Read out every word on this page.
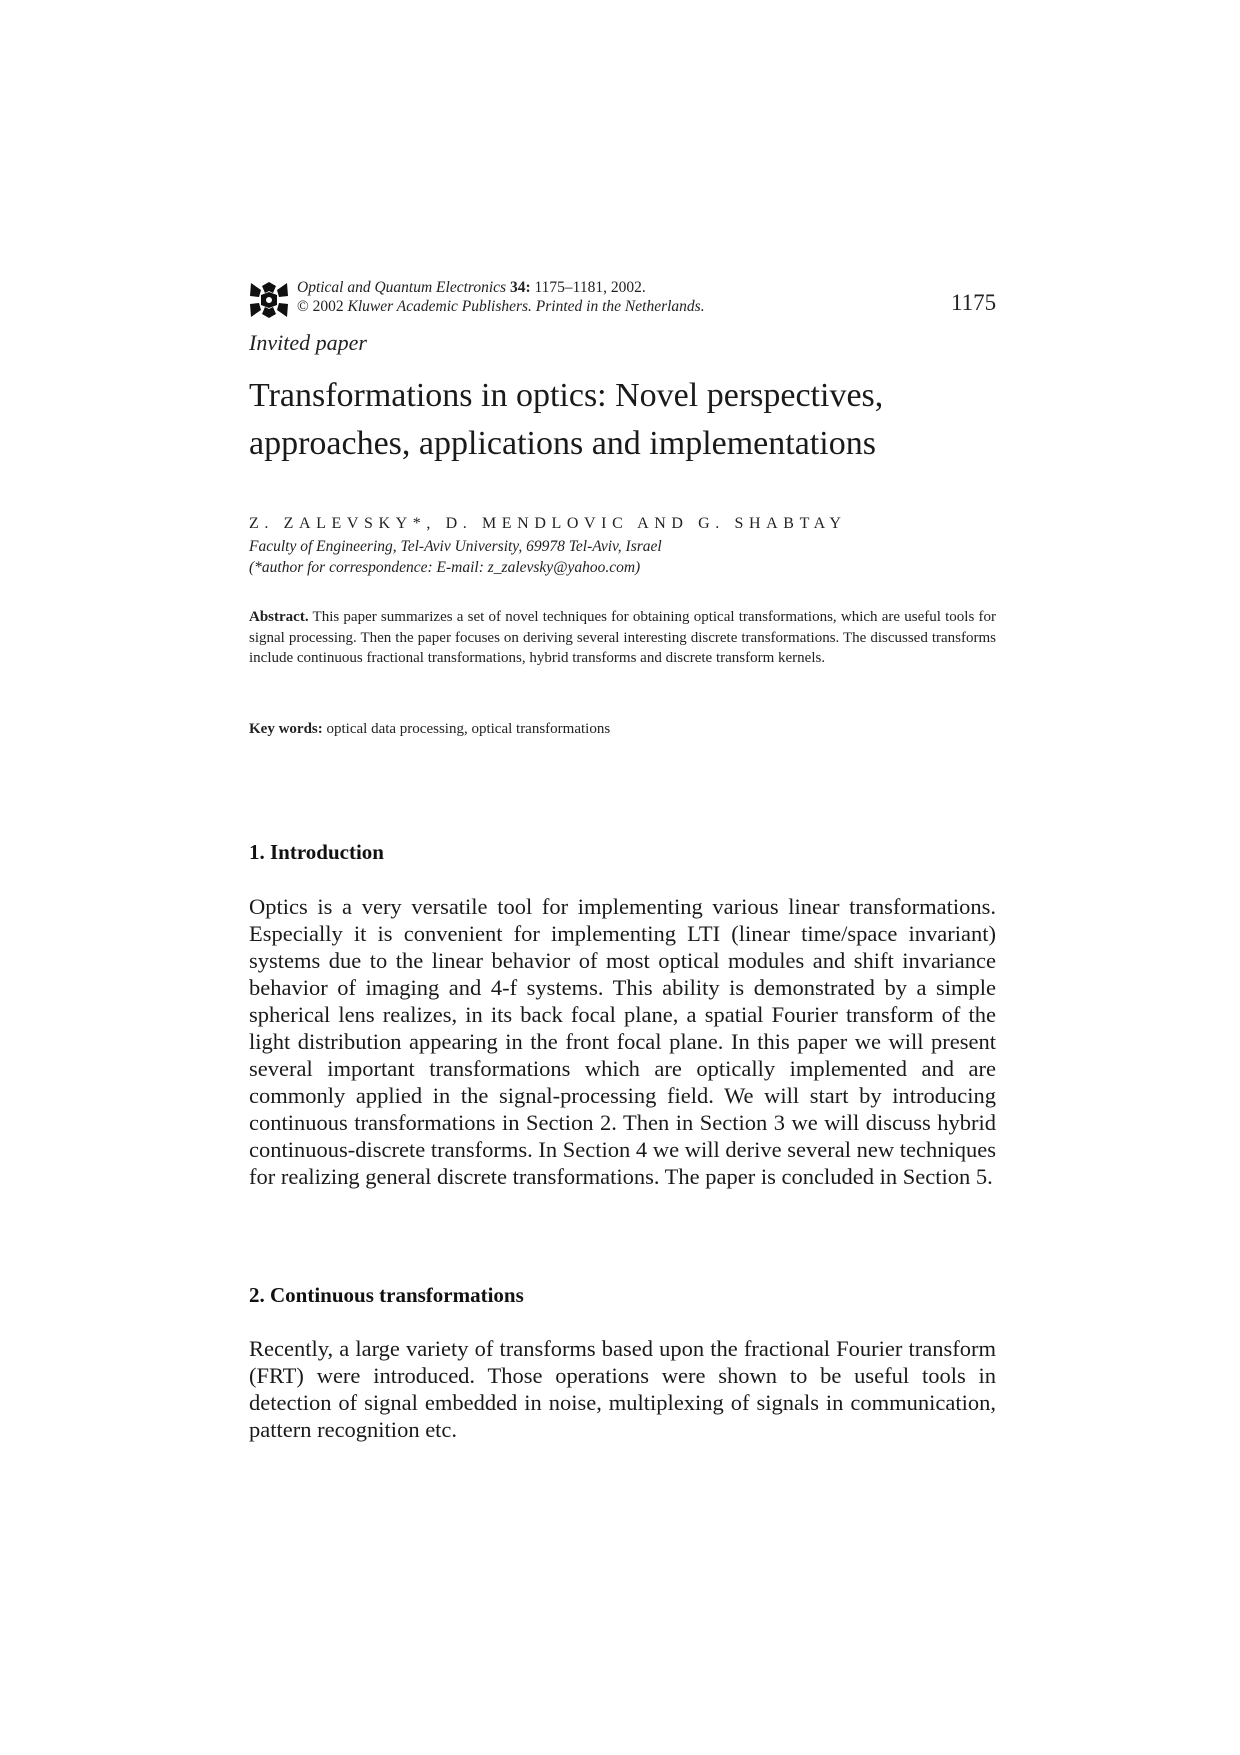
Optical and Quantum Electronics 34: 1175–1181, 2002.
© 2002 Kluwer Academic Publishers. Printed in the Netherlands.	1175
Invited paper
Transformations in optics: Novel perspectives,
approaches, applications and implementations
Z. ZALEVSKY*, D. MENDLOVIC AND G. SHABTAY
Faculty of Engineering, Tel-Aviv University, 69978 Tel-Aviv, Israel
(*author for correspondence: E-mail: z_zalevsky@yahoo.com)

Abstract. This paper summarizes a set of novel techniques for obtaining optical transformations, which are useful tools for signal processing. Then the paper focuses on deriving several interesting discrete transformations. The discussed transforms include continuous fractional transformations, hybrid transforms and discrete transform kernels.

Key words: optical data processing, optical transformations
1. Introduction

Optics is a very versatile tool for implementing various linear transformations. Especially it is convenient for implementing LTI (linear time/space invariant) systems due to the linear behavior of most optical modules and shift invariance behavior of imaging and 4-f systems. This ability is demonstrated by a simple spherical lens realizes, in its back focal plane, a spatial Fourier transform of the light distribution appearing in the front focal plane. In this paper we will present several important transformations which are optically implemented and are commonly applied in the signal-processing field. We will start by introducing continuous transformations in Section 2. Then in Section 3 we will discuss hybrid continuous-discrete transforms. In Section 4 we will derive several new techniques for realizing general discrete transformations. The paper is concluded in Section 5.

2. Continuous transformations

Recently, a large variety of transforms based upon the fractional Fourier transform (FRT) were introduced. Those operations were shown to be useful tools in detection of signal embedded in noise, multiplexing of signals in communication, pattern recognition etc.
